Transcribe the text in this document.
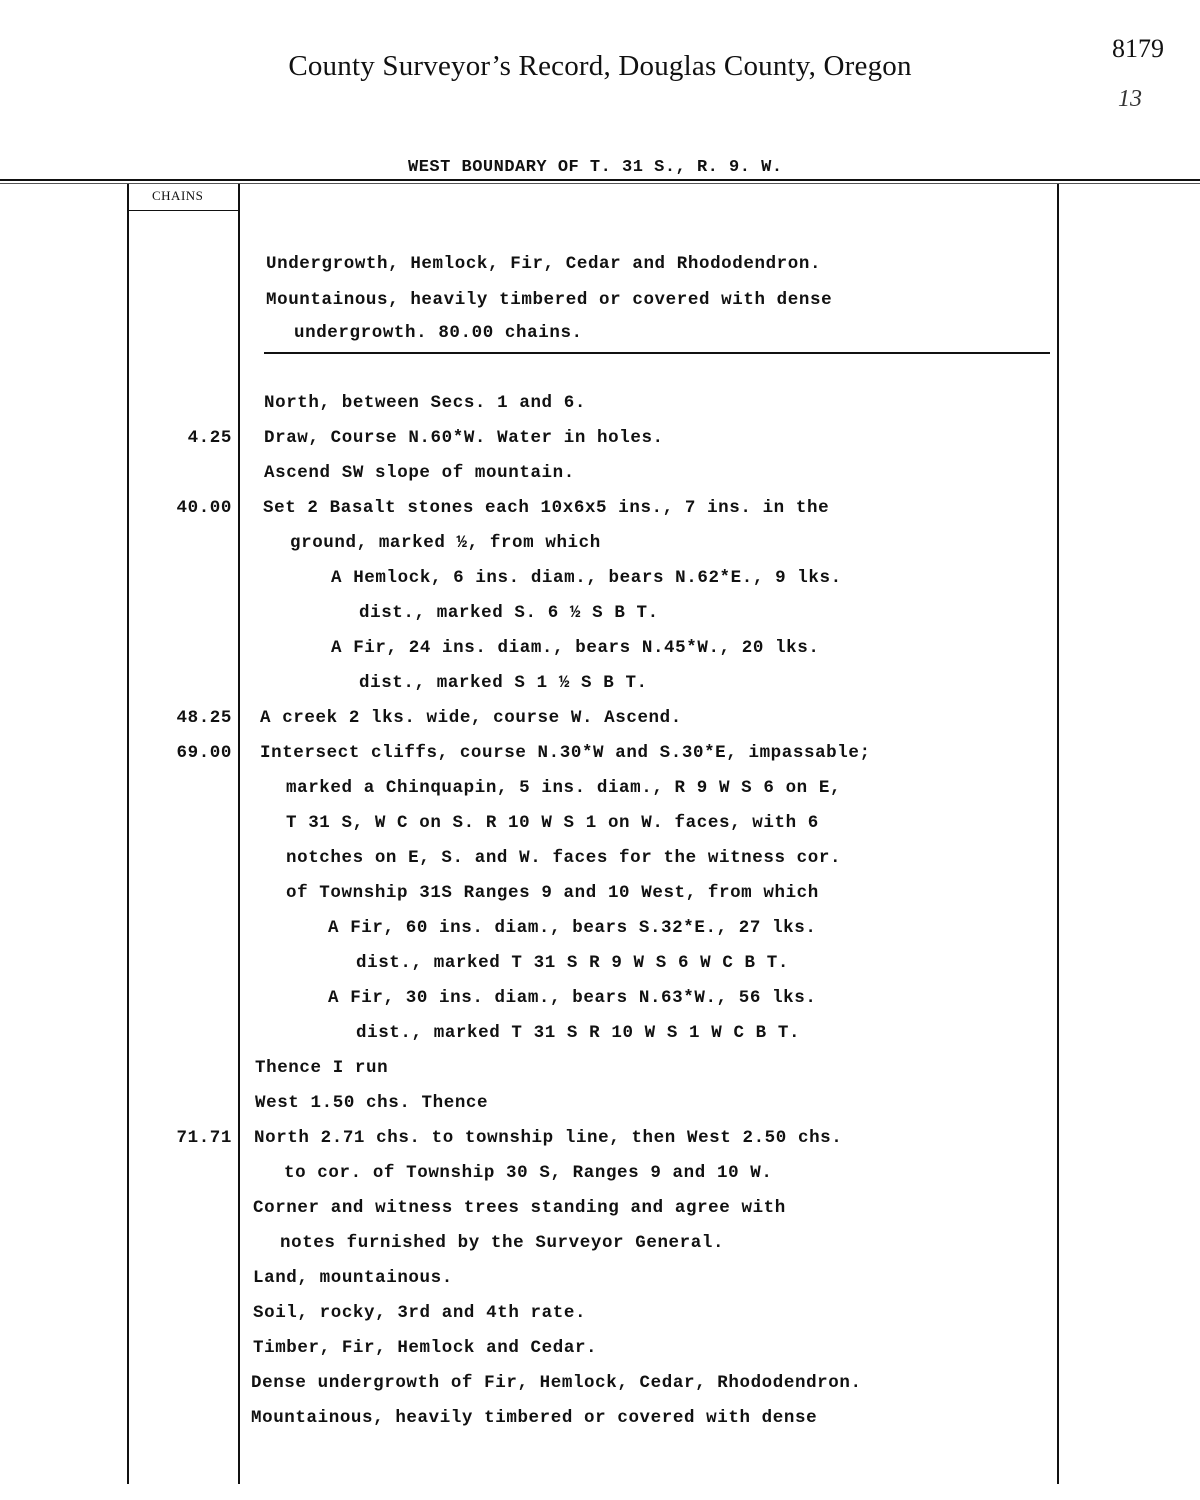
County Surveyor’s Record, Douglas County, Oregon
8179
13
WEST BOUNDARY OF T. 31 S., R. 9. W.
CHAINS
Undergrowth, Hemlock, Fir, Cedar and Rhododendron.
Mountainous, heavily timbered or covered with dense
undergrowth. 80.00 chains.
North, between Secs. 1 and 6.
4.25 Draw, Course N.60*W. Water in holes.
Ascend SW slope of mountain.
40.00 Set 2 Basalt stones each 10x6x5 ins., 7 ins. in the
ground, marked ½, from which
A Hemlock, 6 ins. diam., bears N.62*E., 9 lks.
dist., marked S. 6 ½ S B T.
A Fir, 24 ins. diam., bears N.45*W., 20 lks.
dist., marked S 1 ½ S B T.
48.25 A creek 2 lks. wide, course W. Ascend.
69.00 Intersect cliffs, course N.30*W and S.30*E, impassable;
marked a Chinquapin, 5 ins. diam., R 9 W S 6 on E,
T 31 S, W C on S. R 10 W S 1 on W. faces, with 6
notches on E, S. and W. faces for the witness cor.
of Township 31S Ranges 9 and 10 West, from which
A Fir, 60 ins. diam., bears S.32*E., 27 lks.
dist., marked T 31 S R 9 W S 6 W C B T.
A Fir, 30 ins. diam., bears N.63*W., 56 lks.
dist., marked T 31 S R 10 W S 1 W C B T.
Thence I run
West 1.50 chs. Thence
71.71 North 2.71 chs. to township line, then West 2.50 chs.
to cor. of Township 30 S, Ranges 9 and 10 W.
Corner and witness trees standing and agree with
notes furnished by the Surveyor General.
Land, mountainous.
Soil, rocky, 3rd and 4th rate.
Timber, Fir, Hemlock and Cedar.
Dense undergrowth of Fir, Hemlock, Cedar, Rhododendron.
Mountainous, heavily timbered or covered with dense
